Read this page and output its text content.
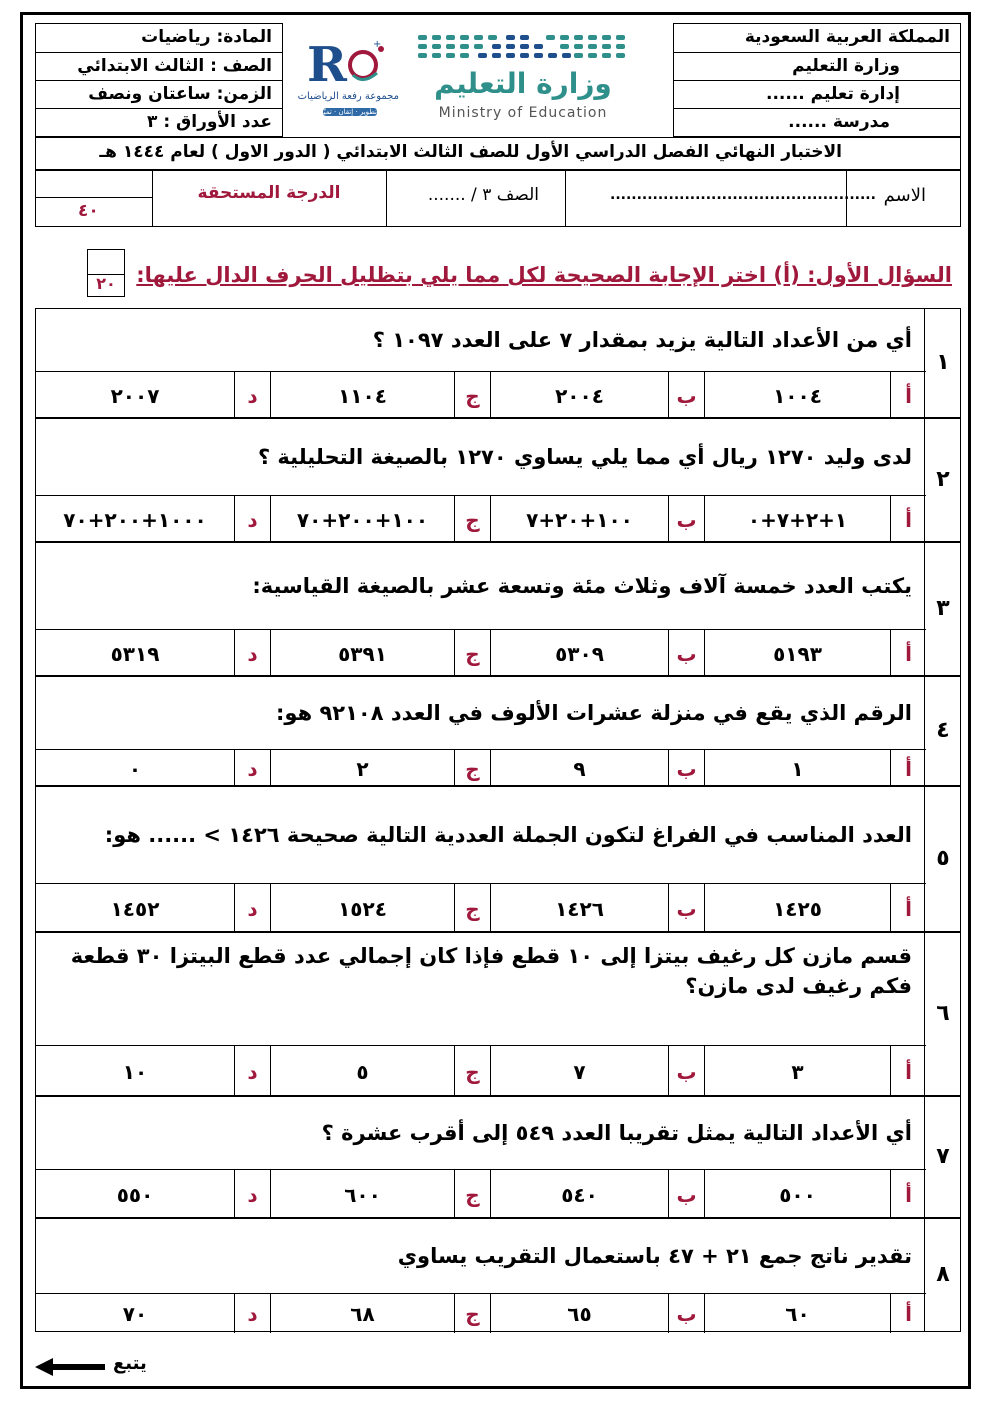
المملكة العربية السعودية
وزارة التعليم
إدارة تعليم ......
مدرسة ......
المادة: رياضيات
الصف : الثالث الابتدائي
الزمن: ساعتان ونصف
عدد الأوراق : ٣
وزارة التعليم
Ministry of Education
R	+
مجموعة رفعة الرياضيات
تطوير · إتقان · تميّز
الاختبار النهائي الفصل الدراسي الأول للصف الثالث الابتدائي ( الدور الاول ) لعام ١٤٤٤ هـ
الاسم
..................................................
الصف ٣ / .......
الدرجة المستحقة
٤٠
السؤال الأول: (أ) اختر الإجابة الصحيحة لكل مما يلي بتظليل الحرف الدال عليها:
٢٠
١
أي من الأعداد التالية يزيد بمقدار ٧ على العدد ١٠٩٧ ؟
أ
١٠٠٤
ب
٢٠٠٤
ج
١١٠٤
د
٢٠٠٧
٢
لدى وليد ١٢٧٠ ريال أي مما يلي يساوي ١٢٧٠ بالصيغة التحليلية ؟
أ
١+٢+٧+٠
ب
١٠٠+٢٠+٧
ج
١٠٠+٢٠٠+٧٠
د
١٠٠٠+٢٠٠+٧٠
٣
يكتب العدد خمسة آلاف وثلاث مئة وتسعة عشر بالصيغة القياسية:
أ
٥١٩٣
ب
٥٣٠٩
ج
٥٣٩١
د
٥٣١٩
٤
الرقم الذي يقع في منزلة عشرات الألوف في العدد ٩٢١٠٨ هو:
أ
١
ب
٩
ج
٢
د
٠
٥
العدد المناسب في الفراغ لتكون الجملة العددية التالية صحيحة ١٤٢٦ > ...... هو:
أ
١٤٢٥
ب
١٤٢٦
ج
١٥٢٤
د
١٤٥٢
٦
قسم مازن كل رغيف بيتزا إلى ١٠ قطع فإذا كان إجمالي عدد قطع البيتزا ٣٠ قطعة فكم رغيف لدى مازن؟
أ
٣
ب
٧
ج
٥
د
١٠
٧
أي الأعداد التالية يمثل تقريبا العدد ٥٤٩ إلى أقرب عشرة ؟
أ
٥٠٠
ب
٥٤٠
ج
٦٠٠
د
٥٥٠
٨
تقدير ناتج جمع ٢١ + ٤٧ باستعمال التقريب يساوي
أ
٦٠
ب
٦٥
ج
٦٨
د
٧٠
يتبع
